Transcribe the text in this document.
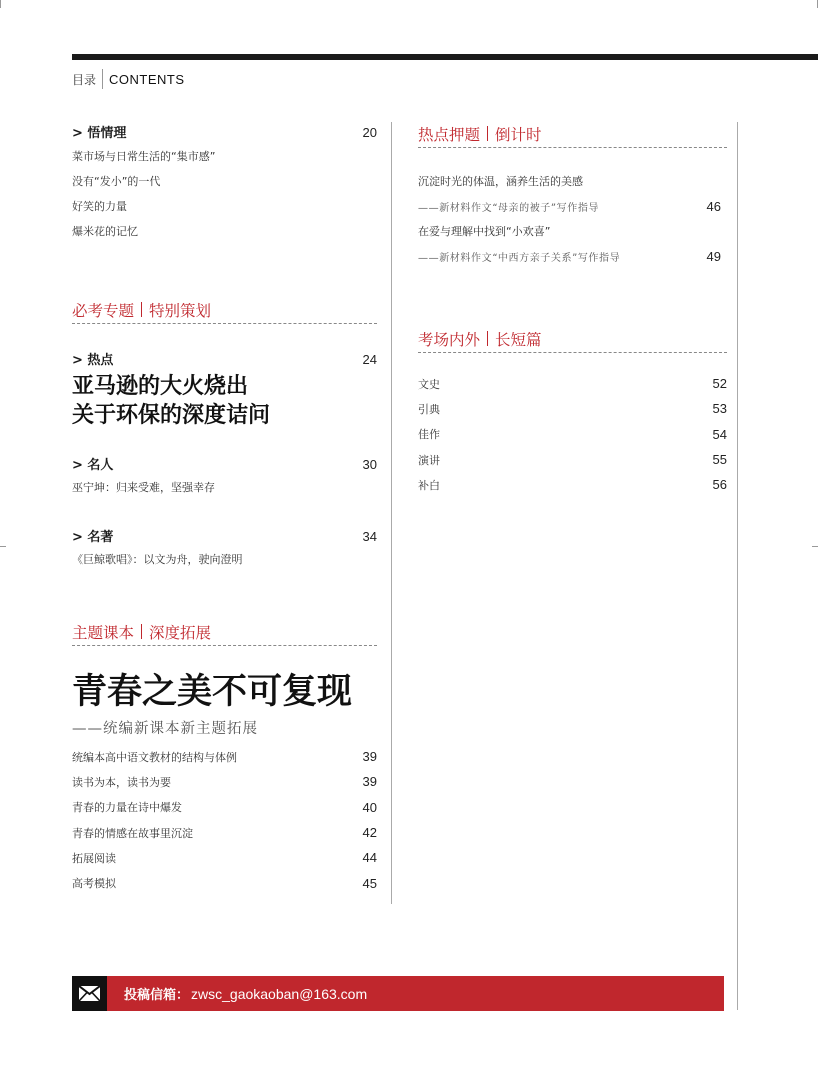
目录 CONTENTS
> 悟情理	20
菜市场与日常生活的“集市感”
没有“发小”的一代
好笑的力量
爆米花的记忆
必考专题 特别策划
> 热点	24
亚马逊的大火烧出
关于环保的深度诘问
> 名人	30
巫宁坤：归来受难，坚强幸存
> 名著	34
《巨鲸歌唱》：以文为舟，驶向澄明
主题课本 深度拓展
青春之美不可复现
——统编新课本新主题拓展
统编本高中语文教材的结构与体例	39
读书为本，读书为要	39
青春的力量在诗中爆发	40
青春的情感在故事里沉淀	42
拓展阅读	44
高考模拟	45
热点押题 倒计时
沉淀时光的体温，涵养生活的美感
——新材料作文“母亲的被子”写作指导	46
在爱与理解中找到“小欢喜”
——新材料作文“中西方亲子关系”写作指导	49
考场内外 长短篇
文史	52
引典	53
佳作	54
演讲	55
补白	56
投稿信箱： zwsc_gaokaoban@163.com
